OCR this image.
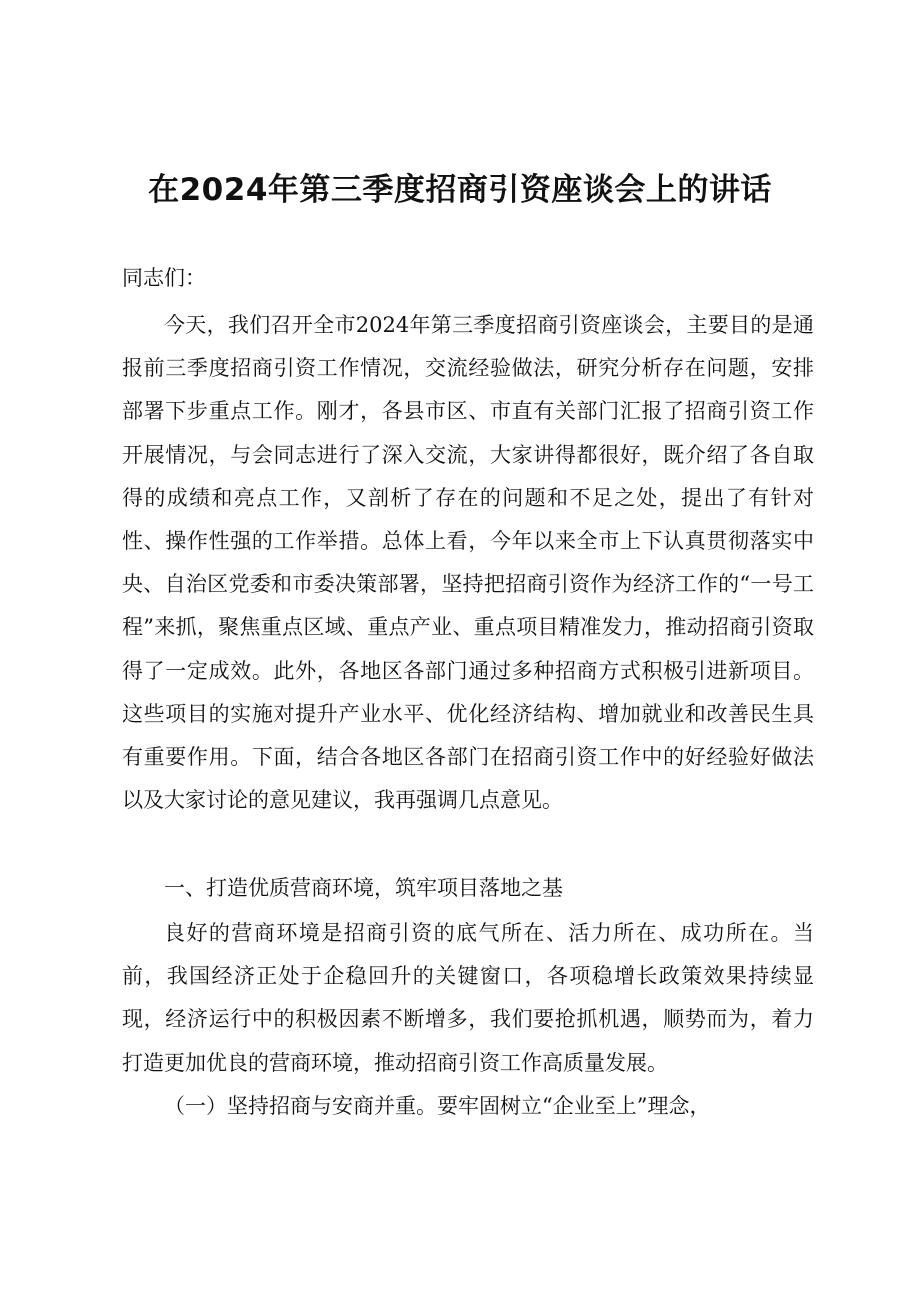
在2024年第三季度招商引资座谈会上的讲话
同志们：
今天，我们召开全市2024年第三季度招商引资座谈会，主要目的是通报前三季度招商引资工作情况，交流经验做法，研究分析存在问题，安排部署下步重点工作。刚才，各县市区、市直有关部门汇报了招商引资工作开展情况，与会同志进行了深入交流，大家讲得都很好，既介绍了各自取得的成绩和亮点工作，又剖析了存在的问题和不足之处，提出了有针对性、操作性强的工作举措。总体上看，今年以来全市上下认真贯彻落实中央、自治区党委和市委决策部署，坚持把招商引资作为经济工作的“一号工程”来抓，聚焦重点区域、重点产业、重点项目精准发力，推动招商引资取得了一定成效。此外，各地区各部门通过多种招商方式积极引进新项目。这些项目的实施对提升产业水平、优化经济结构、增加就业和改善民生具有重要作用。下面，结合各地区各部门在招商引资工作中的好经验好做法以及大家讨论的意见建议，我再强调几点意见。
一、打造优质营商环境，筑牢项目落地之基
良好的营商环境是招商引资的底气所在、活力所在、成功所在。当前，我国经济正处于企稳回升的关键窗口，各项稳增长政策效果持续显现，经济运行中的积极因素不断增多，我们要抢抓机遇，顺势而为，着力打造更加优良的营商环境，推动招商引资工作高质量发展。
（一）坚持招商与安商并重。要牢固树立“企业至上”理念，
